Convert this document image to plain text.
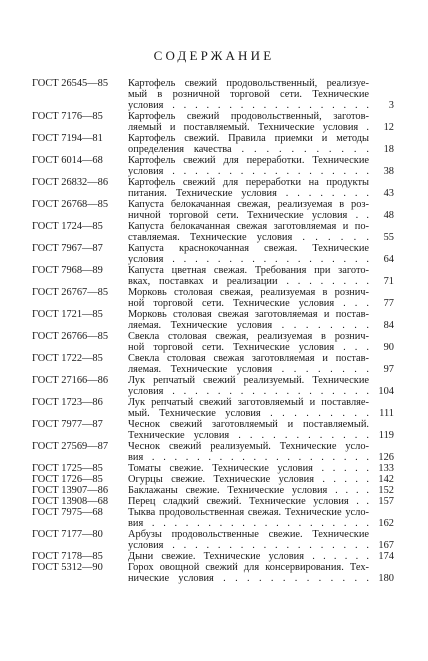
СОДЕРЖАНИЕ
ГОСТ 26545—85 Картофель свежий продовольственный, реализуе-
мый в розничной торговой сети. Технические
условия . . . . . . . . . . . . . . . . . .	3
ГОСТ 7176—85 Картофель свежий продовольственный, заготов-
ляемый и поставляемый. Технические условия .	12
ГОСТ 7194—81 Картофель свежий. Правила приемки и методы
определения качества . . . . . . . . . . .	18
ГОСТ 6014—68 Картофель свежий для переработки. Технические
условия . . . . . . . . . . . . . . . . . .	38
ГОСТ 26832—86 Картофель свежий для переработки на продукты
питания. Технические условия . . . . . . . .	43
ГОСТ 26768—85 Капуста белокачанная свежая, реализуемая в роз-
ничной торговой сети. Технические условия . .	48
ГОСТ 1724—85 Капуста белокачанная свежая заготовляемая и по-
ставляемая. Технические условия . . . . . .	55
ГОСТ 7967—87 Капуста краснокочанная свежая. Технические
условия . . . . . . . . . . . . . . . . . .	64
ГОСТ 7968—89 Капуста цветная свежая. Требования при загото-
вках, поставках и реализации . . . . . . . .	71
ГОСТ 26767—85 Морковь столовая свежая, реализуемая в рознич-
ной торговой сети. Технические условия . . .	77
ГОСТ 1721—85 Морковь столовая свежая заготовляемая и постав-
ляемая. Технические условия . . . . . . . .	84
ГОСТ 26766—85 Свекла столовая свежая, реализуемая в рознич-
ной торговой сети. Технические условия . . .	90
ГОСТ 1722—85 Свекла столовая свежая заготовляемая и постав-
ляемая. Технические условия . . . . . . . .	97
ГОСТ 27166—86 Лук репчатый свежий реализуемый. Технические
условия . . . . . . . . . . . . . . . . . . 104
ГОСТ 1723—86 Лук репчатый свежий заготовляемый и поставляе-
мый. Технические условия . . . . . . . . . 111
ГОСТ 7977—87 Чеснок свежий заготовляемый и поставляемый.
Технические условия . . . . . . . . . . . . 119
ГОСТ 27569—87 Чеснок свежий реализуемый. Технические усло-
вия . . . . . . . . . . . . . . . . . . . . 126
ГОСТ 1725—85 Томаты свежие. Технические условия . . . . . 133
ГОСТ 1726—85 Огурцы свежие. Технические условия . . . . . 142
ГОСТ 13907—86 Баклажаны свежие. Технические условия . . . . 152
ГОСТ 13908—68 Перец сладкий свежий. Технические условия . . 157
ГОСТ 7975—68 Тыква продовольственная свежая. Технические усло-
вия . . . . . . . . . . . . . . . . . . . . 162
ГОСТ 7177—80 Арбузы продовольственные свежие. Технические
условия . . . . . . . . . . . . . . . . . . 167
ГОСТ 7178—85 Дыни свежие. Технические условия . . . . . . 174
ГОСТ 5312—90 Горох овощной свежий для консервирования. Тех-
нические условия . . . . . . . . . . . . . 180
